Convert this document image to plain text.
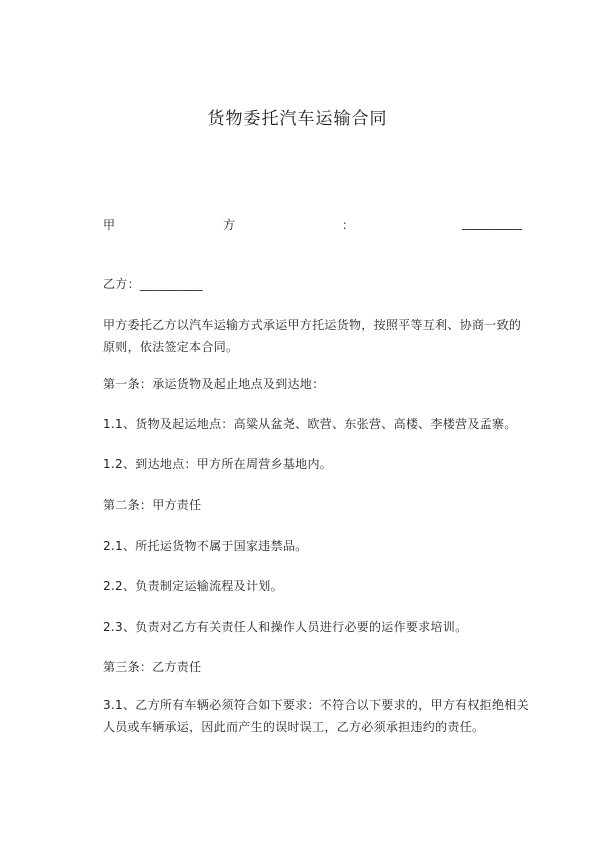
货物委托汽车运输合同
甲	方	：	__________
乙方：__________
甲方委托乙方以汽车运输方式承运甲方托运货物，按照平等互利、协商一致的原则，依法签定本合同。
第一条：承运货物及起止地点及到达地：
1.1、货物及起运地点：高粱从盆尧、欧营、东张营、高楼、李楼营及孟寨。
1.2、到达地点：甲方所在周营乡基地内。
第二条：甲方责任
2.1、所托运货物不属于国家违禁品。
2.2、负责制定运输流程及计划。
2.3、负责对乙方有关责任人和操作人员进行必要的运作要求培训。
第三条：乙方责任
3.1、乙方所有车辆必须符合如下要求：不符合以下要求的，甲方有权拒绝相关人员或车辆承运，因此而产生的误时误工，乙方必须承担违约的责任。
